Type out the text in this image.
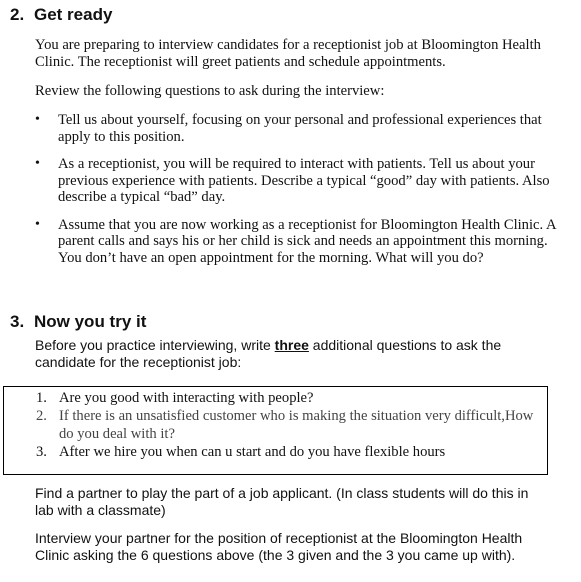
2. Get ready
You are preparing to interview candidates for a receptionist job at Bloomington Health Clinic. The receptionist will greet patients and schedule appointments.
Review the following questions to ask during the interview:
• Tell us about yourself, focusing on your personal and professional experiences that apply to this position.
• As a receptionist, you will be required to interact with patients. Tell us about your previous experience with patients. Describe a typical “good” day with patients. Also describe a typical “bad” day.
• Assume that you are now working as a receptionist for Bloomington Health Clinic. A parent calls and says his or her child is sick and needs an appointment this morning. You don’t have an open appointment for the morning. What will you do?
3. Now you try it
Before you practice interviewing, write three additional questions to ask the candidate for the receptionist job:
1. Are you good with interacting with people?
2. If there is an unsatisfied customer who is making the situation very difficult,How do you deal with it?
3. After we hire you when can u start and do you have flexible hours
Find a partner to play the part of a job applicant. (In class students will do this in lab with a classmate)
Interview your partner for the position of receptionist at the Bloomington Health Clinic asking the 6 questions above (the 3 given and the 3 you came up with).
